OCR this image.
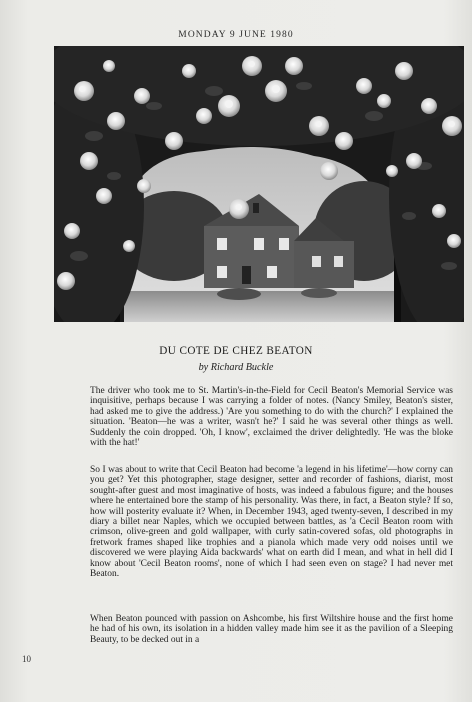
MONDAY 9 JUNE 1980
DU COTE DE CHEZ BEATON
by Richard Buckle

The driver who took me to St. Martin's-in-the-Field for Cecil Beaton's Memorial Service was inquisitive, perhaps because I was carrying a folder of notes. (Nancy Smiley, Beaton's sister, had asked me to give the address.) 'Are you something to do with the church?' I explained the situation. 'Beaton—he was a writer, wasn't he?' I said he was several other things as well. Suddenly the coin dropped. 'Oh, I know', exclaimed the driver delightedly. 'He was the bloke with the hat!'

So I was about to write that Cecil Beaton had become 'a legend in his lifetime'—how corny can you get? Yet this photographer, stage designer, setter and recorder of fashions, diarist, most sought-after guest and most imaginative of hosts, was indeed a fabulous figure; and the houses where he entertained bore the stamp of his personality. Was there, in fact, a Beaton style? If so, how will posterity evaluate it? When, in December 1943, aged twenty-seven, I described in my diary a billet near Naples, which we occupied between battles, as 'a Cecil Beaton room with crimson, olive-green and gold wallpaper, with curly satin-covered sofas, old photographs in fretwork frames shaped like trophies and a pianola which made very odd noises until we discovered we were playing Aida backwards' what on earth did I mean, and what in hell did I know about 'Cecil Beaton rooms', none of which I had seen even on stage? I had never met Beaton.

When Beaton pounced with passion on Ashcombe, his first Wiltshire house and the first home he had of his own, its isolation in a hidden valley made him see it as the pavilion of a Sleeping Beauty, to be decked out in a

10
